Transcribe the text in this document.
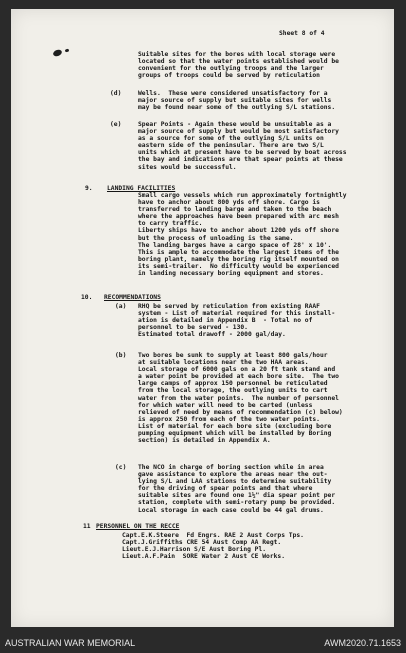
Sheet 8 of 4
Suitable sites for the bores with local storage were
located so that the water points established would be
convenient for the outlying troops and the larger
groups of troops could be served by reticulation
(d)	Wells.  These were considered unsatisfactory for a
major source of supply but suitable sites for wells
may be found near some of the outlying S/L stations.
(e)	Spear Points - Again these would be unsuitable as a
major source of supply but would be most satisfactory
as a source for some of the outlying S/L units on
eastern side of the peninsular. There are two S/L
units which at present have to be served by boat across
the bay and indications are that spear points at these
sites would be successful.
9. LANDING FACILITIES
Small cargo vessels which run approximately fortnightly
have to anchor about 800 yds off shore. Cargo is
transferred to landing barge and taken to the beach
where the approaches have been prepared with arc mesh
to carry traffic.
Liberty ships have to anchor about 1200 yds off shore
but the process of unloading is the same.
The landing barges have a cargo space of 28' x 10'.
This is ample to accommodate the largest items of the
boring plant, namely the boring rig itself mounted on
its semi-trailer.  No difficulty would be experienced
in landing necessary boring equipment and stores.
10. RECOMMENDATIONS
(a) RHQ be served by reticulation from existing RAAF
system - List of material required for this install-
ation is detailed in Appendix B  - Total no of
personnel to be served - 130.
Estimated total drawoff - 2000 gal/day.
(b) Two bores be sunk to supply at least 800 gals/hour
at suitable locations near the two HAA areas.
Local storage of 6000 gals on a 20 ft tank stand and
a water point be provided at each bore site.  The two
large camps of approx 150 personnel be reticulated
from the local storage, the outlying units to cart
water from the water points.  The number of personnel
for which water will need to be carted (unless
relieved of need by means of recommendation (c) below)
is approx 250 from each of the two water points.
List of material for each bore site (excluding bore
pumping equipment which will be installed by Boring
section) is detailed in Appendix A.
(c) The NCO in charge of boring section while in area
gave assistance to explore the areas near the out-
lying S/L and LAA stations to determine suitability
for the driving of spear points and that where
suitable sites are found one 1½" dia spear point per
station, complete with semi-rotary pump be provided.
Local storage in each case could be 44 gal drums.
11 PERSONNEL ON THE RECCE
Capt.E.K.Steere  Fd Engrs. RAE 2 Aust Corps Tps.
Capt.J.Griffiths CRE 54 Aust Comp AA Regt.
Lieut.E.J.Harrison S/E Aust Boring Pl.
Lieut.A.F.Pain  SORE Water 2 Aust CE Works.
AUSTRALIAN WAR MEMORIAL	AWM2020.71.1653
